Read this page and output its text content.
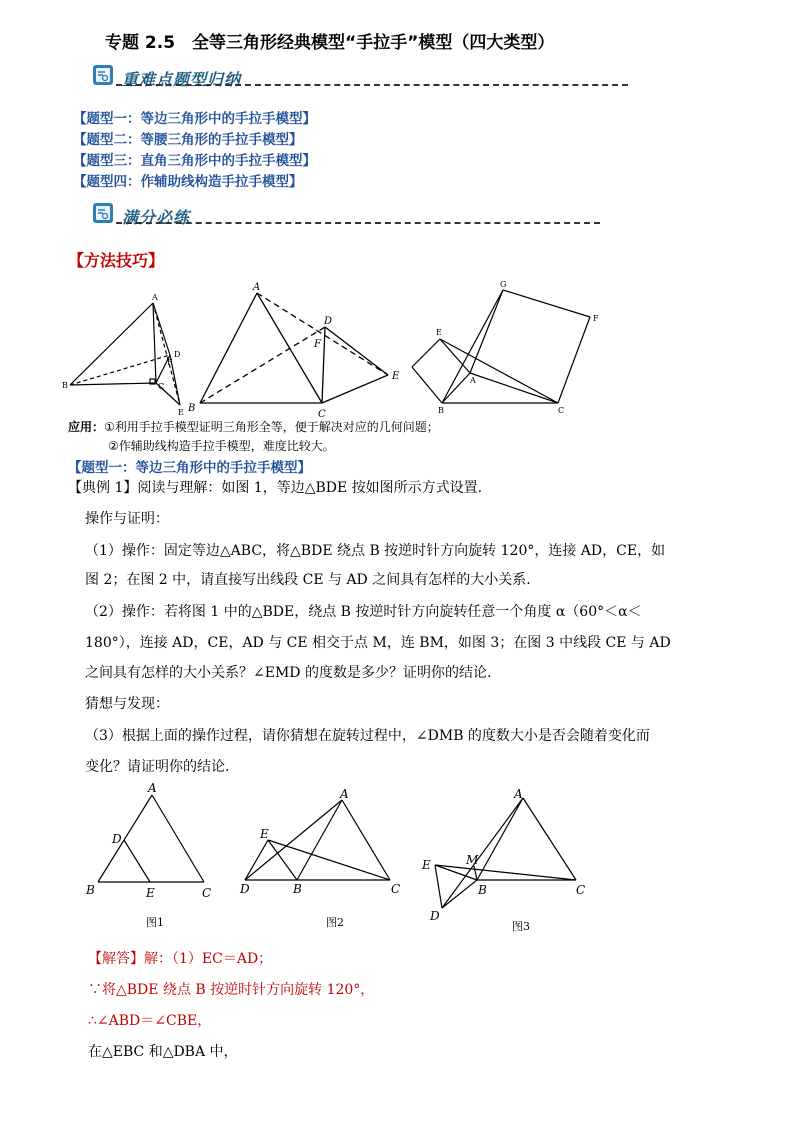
专题 2.5　全等三角形经典模型“手拉手”模型（四大类型）
重难点题型归纳
【题型一：等边三角形中的手拉手模型】
【题型二：等腰三角形的手拉手模型】
【题型三：直角三角形中的手拉手模型】
【题型四：作辅助线构造手拉手模型】
满分必练
【方法技巧】
A
B	C
D
E
F
A
B
C
D
E
F
G
F
E
A
B	C
应用：①利用手拉手模型证明三角形全等，便于解决对应的几何问题；
②作辅助线构造手拉手模型，难度比较大。
【题型一：等边三角形中的手拉手模型】
【典例 1】阅读与理解：如图 1，等边△BDE 按如图所示方式设置.
操作与证明：
（1）操作：固定等边△ABC，将△BDE 绕点 B 按逆时针方向旋转 120°，连接 AD，CE，如
图 2；在图 2 中，请直接写出线段 CE 与 AD 之间具有怎样的大小关系.
（2）操作：若将图 1 中的△BDE，绕点 B 按逆时针方向旋转任意一个角度 α（60°＜α＜
180°），连接 AD，CE，AD 与 CE 相交于点 M，连 BM，如图 3；在图 3 中线段 CE 与 AD
之间具有怎样的大小关系？∠EMD 的度数是多少？证明你的结论.
猜想与发现：
（3）根据上面的操作过程，请你猜想在旋转过程中，∠DMB 的度数大小是否会随着变化而
变化？请证明你的结论.
A
B	C
D
E
图1
A
B	C
D
E
图2
A
B	C
D
E	M
图3
【解答】解：（1）EC＝AD；
∵将△BDE 绕点 B 按逆时针方向旋转 120°，
∴∠ABD＝∠CBE，
在△EBC 和△DBA 中，
